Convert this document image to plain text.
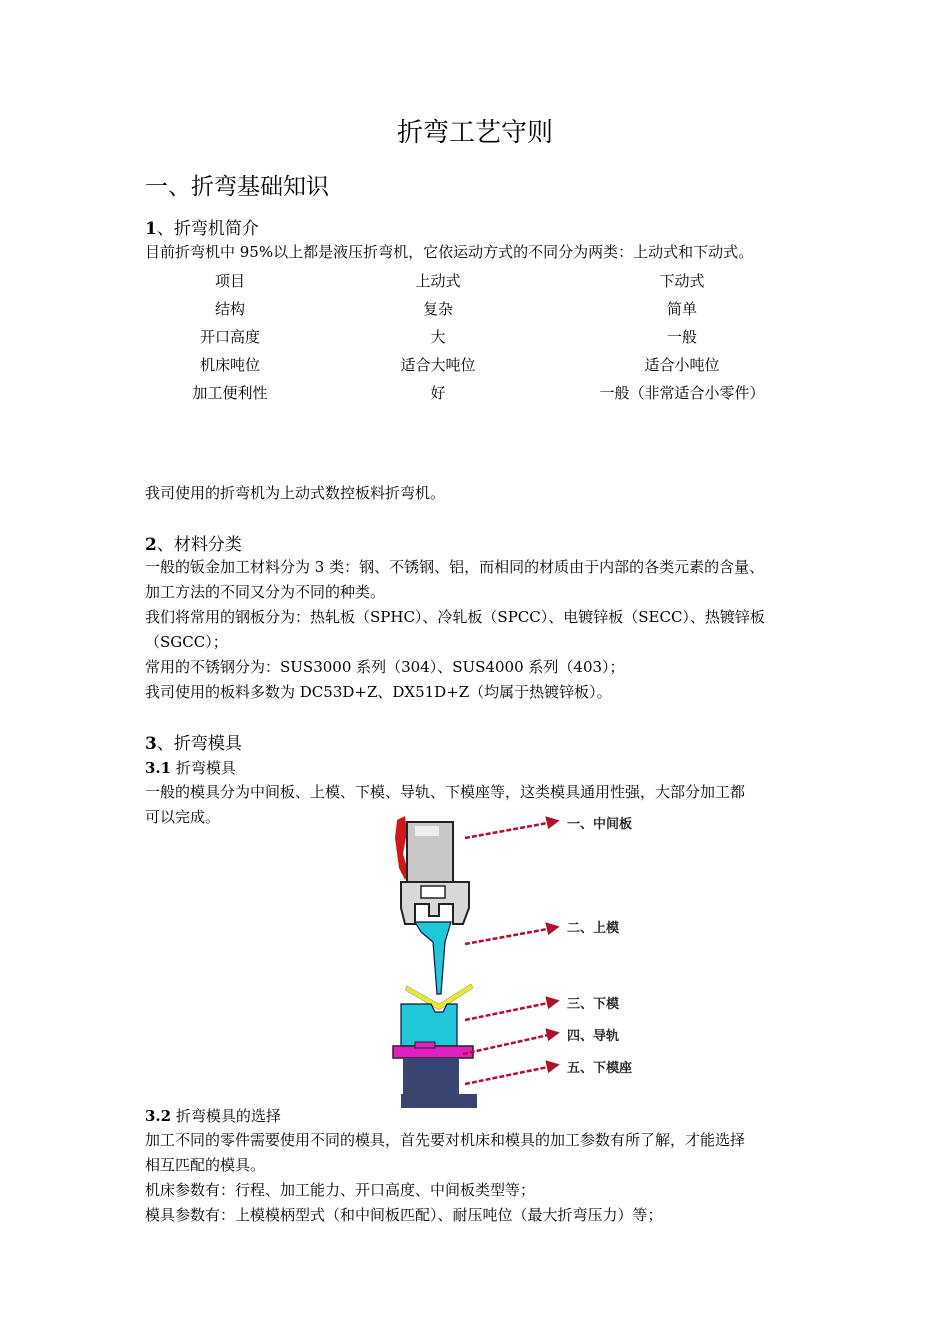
折弯工艺守则
一、折弯基础知识
1、折弯机简介
目前折弯机中 95%以上都是液压折弯机，它依运动方式的不同分为两类：上动式和下动式。
项目	上动式	下动式
结构	复杂	简单
开口高度	大	一般
机床吨位	适合大吨位	适合小吨位
加工便利性	好	一般（非常适合小零件）
我司使用的折弯机为上动式数控板料折弯机。
2、材料分类
一般的钣金加工材料分为 3 类：钢、不锈钢、铝，而相同的材质由于内部的各类元素的含量、
加工方法的不同又分为不同的种类。
我们将常用的钢板分为：热轧板（SPHC）、冷轧板（SPCC）、电镀锌板（SECC）、热镀锌板
（SGCC）；
常用的不锈钢分为：SUS3000 系列（304）、SUS4000 系列（403）；
我司使用的板料多数为 DC53D+Z、DX51D+Z（均属于热镀锌板）。
3、折弯模具
3.1 折弯模具
一般的模具分为中间板、上模、下模、导轨、下模座等，这类模具通用性强，大部分加工都
可以完成。	一、中间板
二、上模
三、下模
四、导轨
五、下模座
3.2 折弯模具的选择
加工不同的零件需要使用不同的模具，首先要对机床和模具的加工参数有所了解，才能选择
相互匹配的模具。
机床参数有：行程、加工能力、开口高度、中间板类型等；
模具参数有：上模模柄型式（和中间板匹配）、耐压吨位（最大折弯压力）等；
